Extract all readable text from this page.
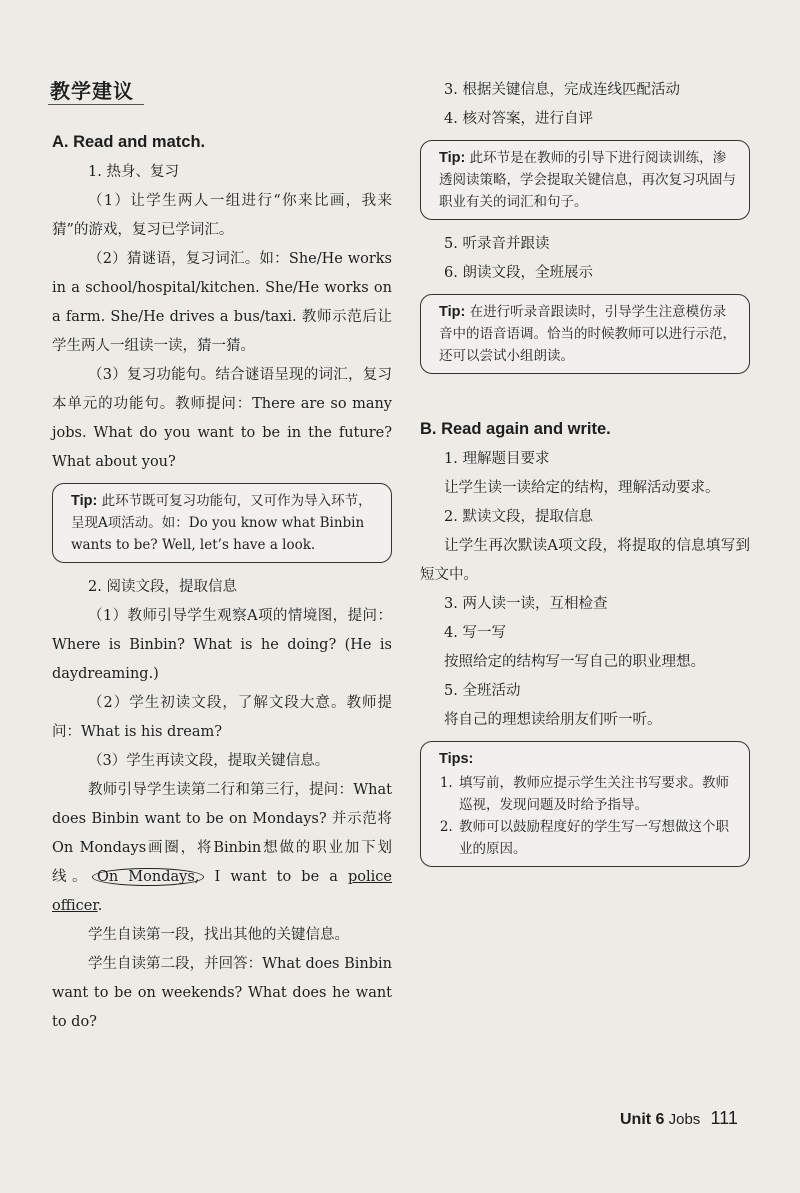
教学建议

A. Read and match.

1. 热身、复习

（1）让学生两人一组进行“你来比画，我来猜”的游戏，复习已学词汇。

（2）猜谜语，复习词汇。如：She/He works in a school/hospital/kitchen. She/He works on a farm. She/He drives a bus/taxi. 教师示范后让学生两人一组读一读，猜一猜。

（3）复习功能句。结合谜语呈现的词汇，复习本单元的功能句。教师提问：There are so many jobs. What do you want to be in the future? What about you?

Tip: 此环节既可复习功能句，又可作为导入环节，呈现A项活动。如：Do you know what Binbin wants to be? Well, let’s have a look.

2. 阅读文段，提取信息

（1）教师引导学生观察A项的情境图，提问：Where is Binbin? What is he doing? (He is daydreaming.)

（2）学生初读文段，了解文段大意。教师提问：What is his dream?

（3）学生再读文段，提取关键信息。

教师引导学生读第二行和第三行，提问：What does Binbin want to be on Mondays? 并示范将On Mondays画圈，将Binbin想做的职业加下划线。 On Mondays, I want to be a police officer.

学生自读第一段，找出其他的关键信息。

学生自读第二段，并回答：What does Binbin want to be on weekends? What does he want to do?

3. 根据关键信息，完成连线匹配活动

4. 核对答案，进行自评

Tip: 此环节是在教师的引导下进行阅读训练，渗透阅读策略，学会提取关键信息，再次复习巩固与职业有关的词汇和句子。

5. 听录音并跟读

6. 朗读文段，全班展示

Tip: 在进行听录音跟读时，引导学生注意模仿录音中的语音语调。恰当的时候教师可以进行示范，还可以尝试小组朗读。

B. Read again and write.

1. 理解题目要求

让学生读一读给定的结构，理解活动要求。

2. 默读文段，提取信息

让学生再次默读A项文段，将提取的信息填写到短文中。

3. 两人读一读，互相检查

4. 写一写

按照给定的结构写一写自己的职业理想。

5. 全班活动

将自己的理想读给朋友们听一听。

Tips:
1. 填写前，教师应提示学生关注书写要求。教师巡视，发现问题及时给予指导。
2. 教师可以鼓励程度好的学生写一写想做这个职业的原因。
Unit 6 Jobs 111
